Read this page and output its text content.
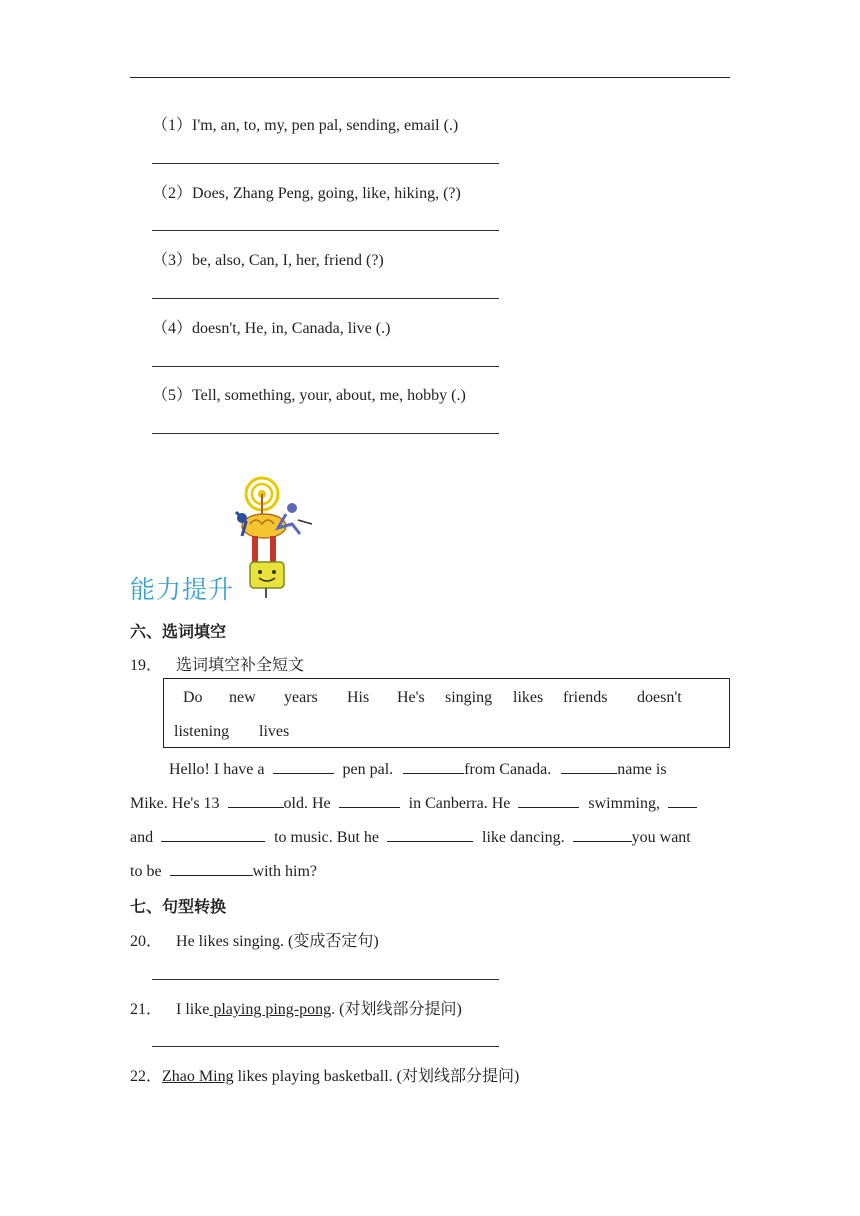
（1）I'm, an, to, my, pen pal, sending, email (.)
（2）Does, Zhang Peng, going, like, hiking, (?)
（3）be, also, Can, I, her, friend (?)
（4）doesn't, He, in, Canada, live (.)
（5）Tell, something, your, about, me, hobby (.)
能力提升
六、选词填空
19． 选词填空补全短文
Do new years His He's singing likes friends doesn't
listening lives
Hello! I have a	pen pal.	from Canada.	name is
Mike. He's 13	old. He	in Canberra. He	swimming,
and	to music. But he	like dancing.	you want
to be	with him?
七、句型转换
20． He likes singing. (变成否定句)
21． I like playing ping-pong. (对划线部分提问)
22．Zhao Ming likes playing basketball. (对划线部分提问)
